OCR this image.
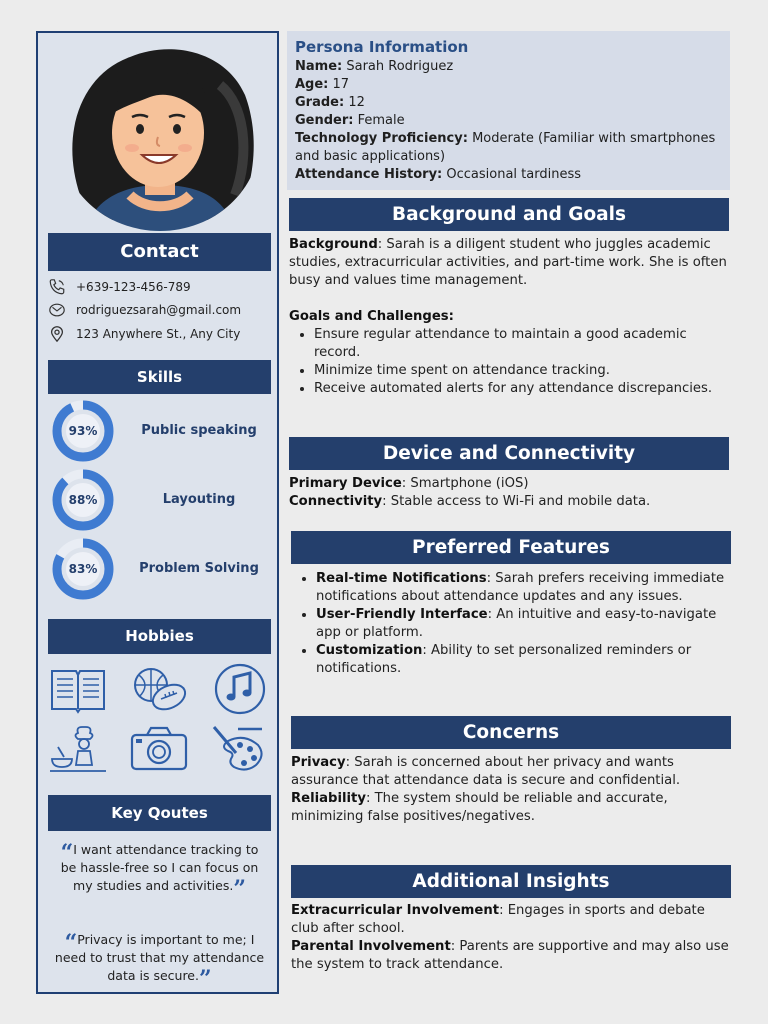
Contact
+639-123-456-789
rodriguezsarah@gmail.com
123 Anywhere St., Any City
Skills
93%	Public speaking
88%	Layouting
83%	Problem Solving
Hobbies
Key Qoutes
“I want attendance tracking to be hassle-free so I can focus on my studies and activities.”
“Privacy is important to me; I need to trust that my attendance data is secure.”
Persona Information
Name: Sarah Rodriguez
Age: 17
Grade: 12
Gender: Female
Technology Proficiency: Moderate (Familiar with smartphones and basic applications)
Attendance History: Occasional tardiness
Background and Goals
Background: Sarah is a diligent student who juggles academic studies, extracurricular activities, and part-time work. She is often busy and values time management.
Goals and Challenges:
• Ensure regular attendance to maintain a good academic record.
• Minimize time spent on attendance tracking.
• Receive automated alerts for any attendance discrepancies.
Device and Connectivity
Primary Device: Smartphone (iOS)
Connectivity: Stable access to Wi-Fi and mobile data.
Preferred Features
• Real-time Notifications: Sarah prefers receiving immediate notifications about attendance updates and any issues.
• User-Friendly Interface: An intuitive and easy-to-navigate app or platform.
• Customization: Ability to set personalized reminders or notifications.
Concerns
Privacy: Sarah is concerned about her privacy and wants assurance that attendance data is secure and confidential.
Reliability: The system should be reliable and accurate, minimizing false positives/negatives.
Additional Insights
Extracurricular Involvement: Engages in sports and debate club after school.
Parental Involvement: Parents are supportive and may also use the system to track attendance.
